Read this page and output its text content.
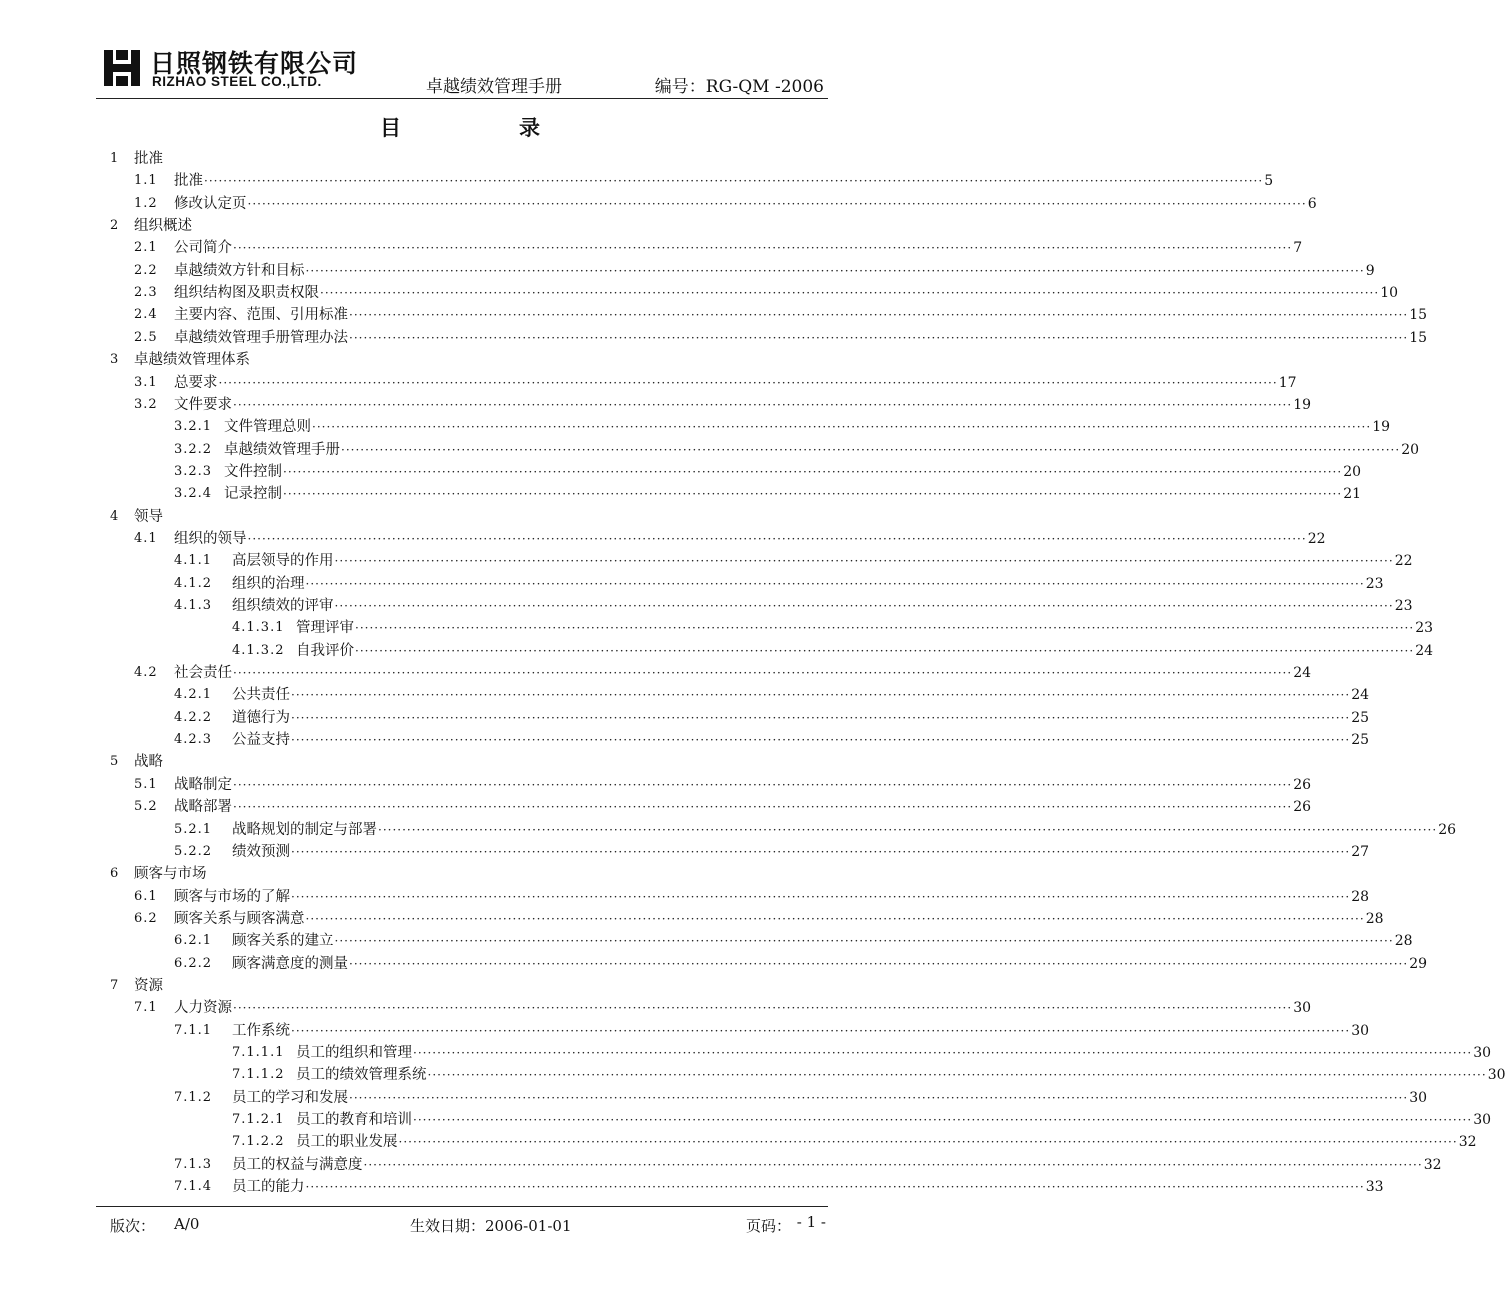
日照钢铁有限公司
RIZHAO STEEL CO.,LTD.	卓越绩效管理手册	编号：RG-QM -2006
目录
1 批准
1.1 批准 ···························································································································································································································· 5
1.2 修改认定页 ···························································································································································································································· 6
2 组织概述
2.1 公司简介 ···························································································································································································································· 7
2.2 卓越绩效方针和目标 ···························································································································································································································· 9
2.3 组织结构图及职责权限 ···························································································································································································································· 10
2.4 主要内容、范围、引用标准 ···························································································································································································································· 15
2.5 卓越绩效管理手册管理办法 ···························································································································································································································· 15
3 卓越绩效管理体系
3.1 总要求 ···························································································································································································································· 17
3.2 文件要求 ···························································································································································································································· 19
3.2.1 文件管理总则 ···························································································································································································································· 19
3.2.2 卓越绩效管理手册 ···························································································································································································································· 20
3.2.3 文件控制 ···························································································································································································································· 20
3.2.4 记录控制 ···························································································································································································································· 21
4 领导
4.1 组织的领导 ···························································································································································································································· 22
4.1.1 高层领导的作用 ···························································································································································································································· 22
4.1.2 组织的治理 ···························································································································································································································· 23
4.1.3 组织绩效的评审 ···························································································································································································································· 23
4.1.3.1 管理评审 ···························································································································································································································· 23
4.1.3.2 自我评价 ···························································································································································································································· 24
4.2 社会责任 ···························································································································································································································· 24
4.2.1 公共责任 ···························································································································································································································· 24
4.2.2 道德行为 ···························································································································································································································· 25
4.2.3 公益支持 ···························································································································································································································· 25
5 战略
5.1 战略制定 ···························································································································································································································· 26
5.2 战略部署 ···························································································································································································································· 26
5.2.1 战略规划的制定与部署 ···························································································································································································································· 26
5.2.2 绩效预测 ···························································································································································································································· 27
6 顾客与市场
6.1 顾客与市场的了解 ···························································································································································································································· 28
6.2 顾客关系与顾客满意 ···························································································································································································································· 28
6.2.1 顾客关系的建立 ···························································································································································································································· 28
6.2.2 顾客满意度的测量 ···························································································································································································································· 29
7 资源
7.1 人力资源 ···························································································································································································································· 30
7.1.1 工作系统 ···························································································································································································································· 30
7.1.1.1 员工的组织和管理 ···························································································································································································································· 30
7.1.1.2 员工的绩效管理系统 ···························································································································································································································· 30
7.1.2 员工的学习和发展 ···························································································································································································································· 30
7.1.2.1 员工的教育和培训 ···························································································································································································································· 30
7.1.2.2 员工的职业发展 ···························································································································································································································· 32
7.1.3 员工的权益与满意度 ···························································································································································································································· 32
7.1.4 员工的能力 ···························································································································································································································· 33
版次： A/0	生效日期：2006-01-01	页码： - 1 -
